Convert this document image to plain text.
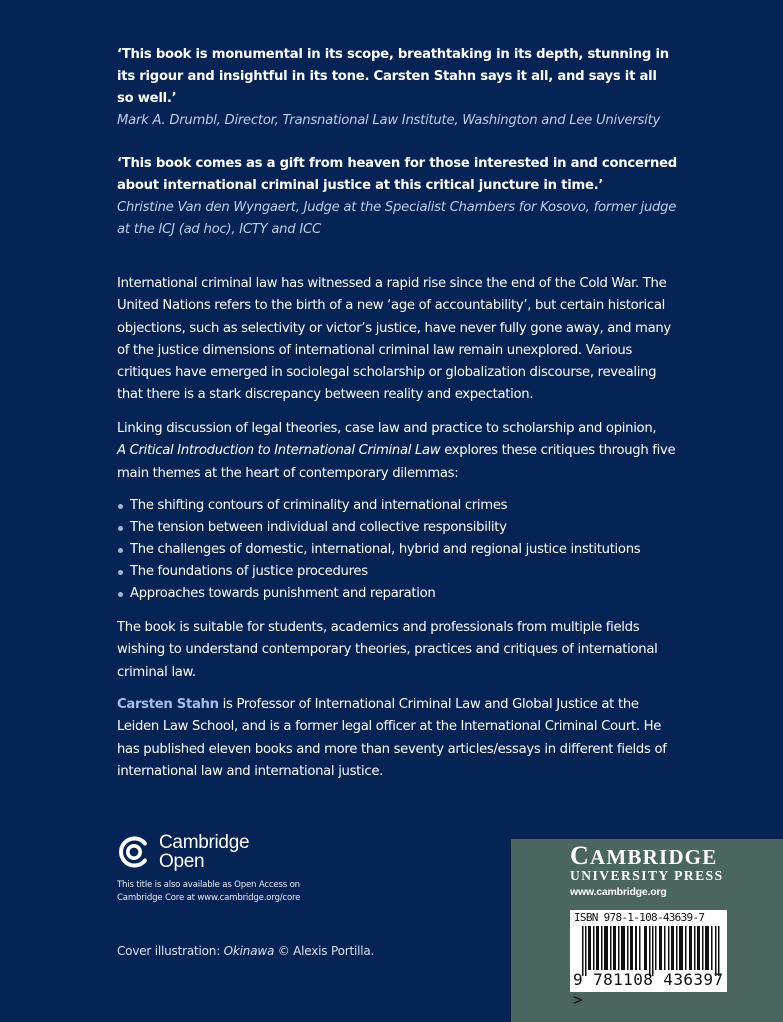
‘This book is monumental in its scope, breathtaking in its depth, stunning in its rigour and insightful in its tone. Carsten Stahn says it all, and says it all so well.’

Mark A. Drumbl, Director, Transnational Law Institute, Washington and Lee University

‘This book comes as a gift from heaven for those interested in and concerned about international criminal justice at this critical juncture in time.’

Christine Van den Wyngaert, Judge at the Specialist Chambers for Kosovo, former judge at the ICJ (ad hoc), ICTY and ICC

International criminal law has witnessed a rapid rise since the end of the Cold War. The United Nations refers to the birth of a new ‘age of accountability’, but certain historical objections, such as selectivity or victor’s justice, have never fully gone away, and many of the justice dimensions of international criminal law remain unexplored. Various critiques have emerged in sociolegal scholarship or globalization discourse, revealing that there is a stark discrepancy between reality and expectation.

Linking discussion of legal theories, case law and practice to scholarship and opinion,
A Critical Introduction to International Criminal Law explores these critiques through five main themes at the heart of contemporary dilemmas:

The shifting contours of criminality and international crimes
The tension between individual and collective responsibility
The challenges of domestic, international, hybrid and regional justice institutions
The foundations of justice procedures
Approaches towards punishment and reparation

The book is suitable for students, academics and professionals from multiple fields wishing to understand contemporary theories, practices and critiques of international criminal law.

Carsten Stahn is Professor of International Criminal Law and Global Justice at the Leiden Law School, and is a former legal officer at the International Criminal Court. He has published eleven books and more than seventy articles/essays in different fields of international law and international justice.

Cambridge
Open
This title is also available as Open Access on
Cambridge Core at www.cambridge.org/core
Cover illustration: Okinawa © Alexis Portilla.
CAMBRIDGE
UNIVERSITY PRESS
www.cambridge.org
ISBN 978-1-108-43639-7
9 781108 436397 >
